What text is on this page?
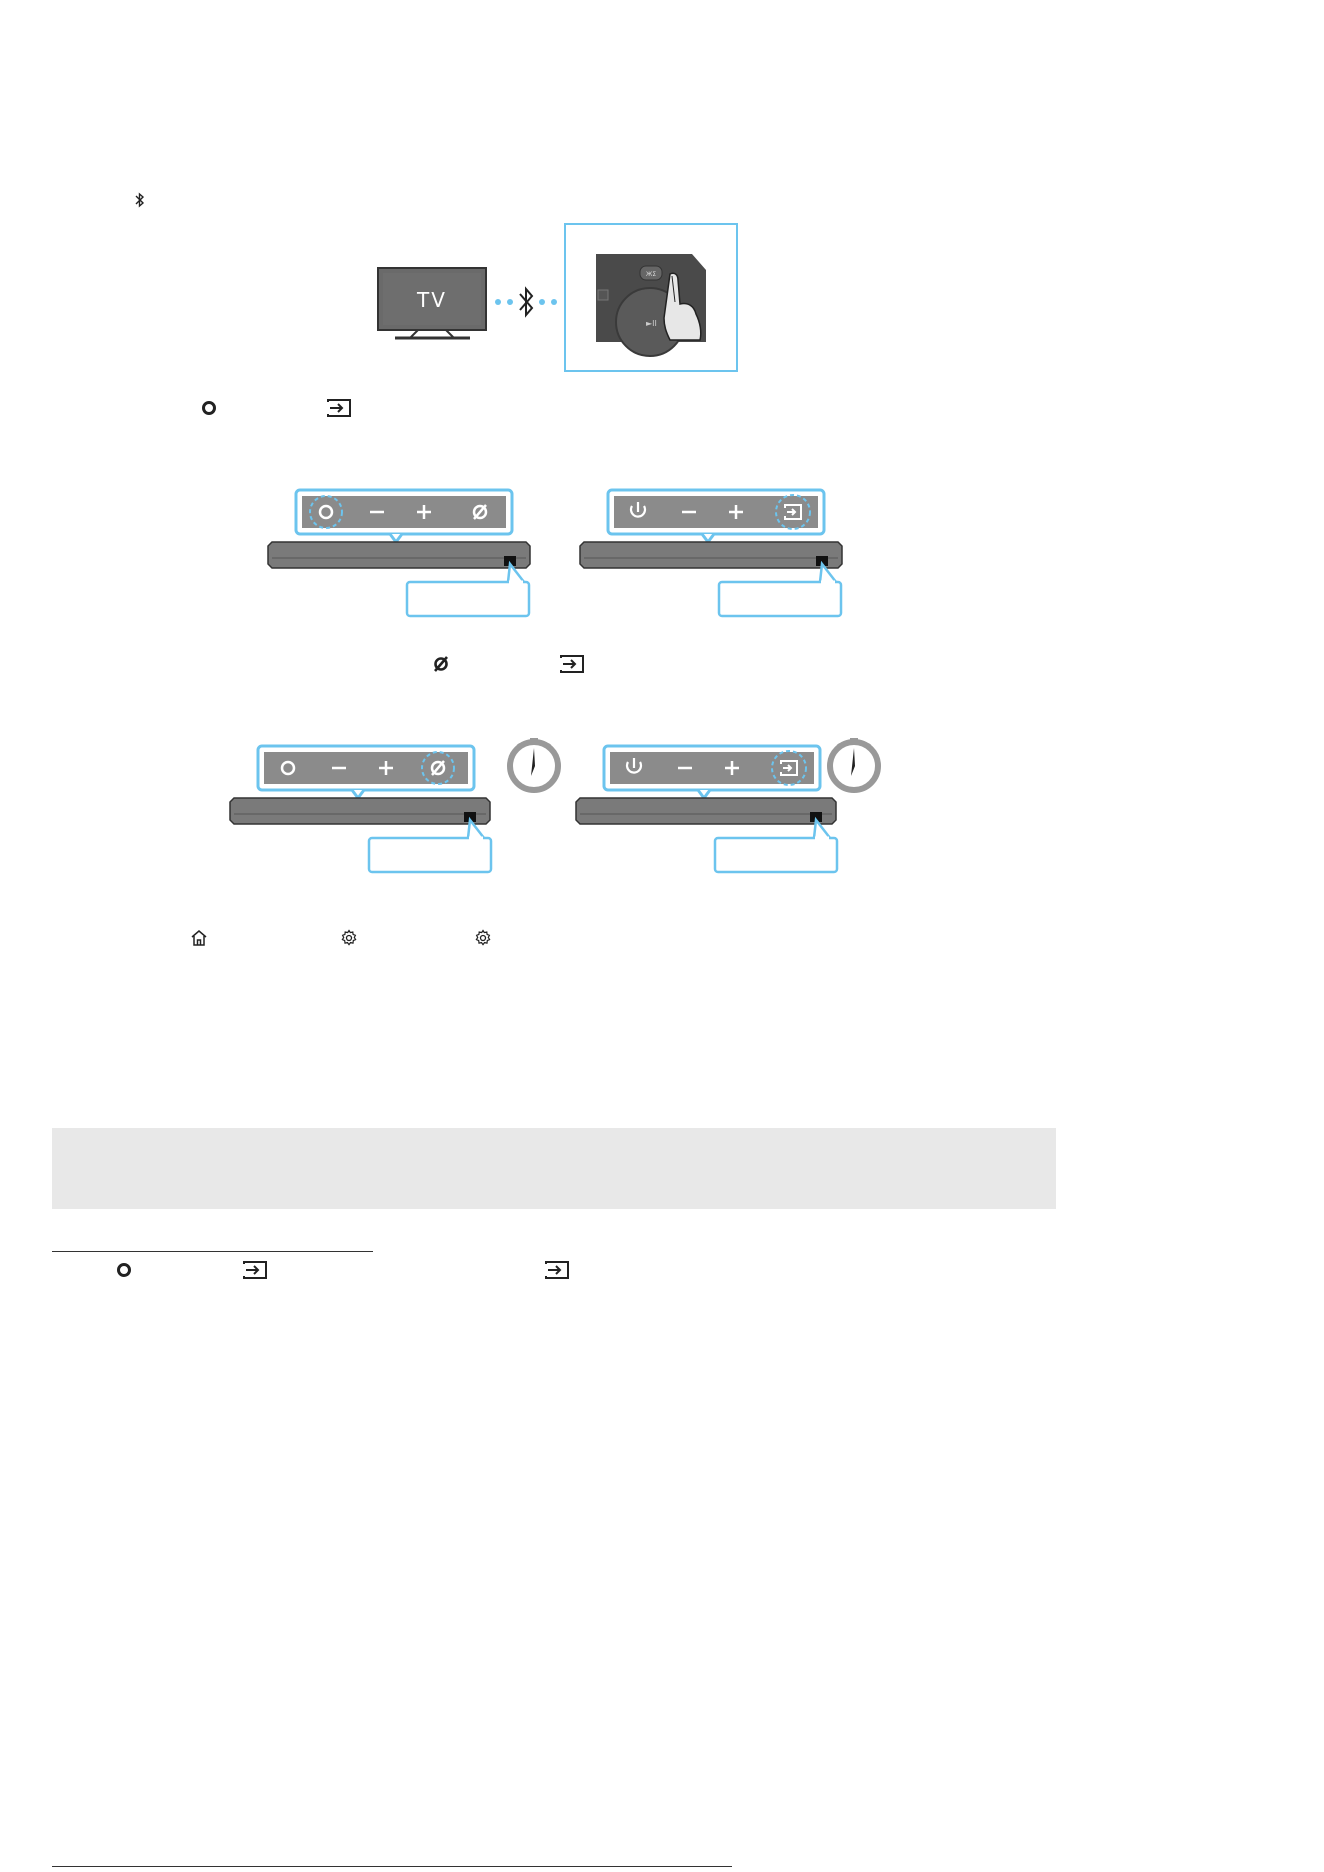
TV
ЖΣ
►II
